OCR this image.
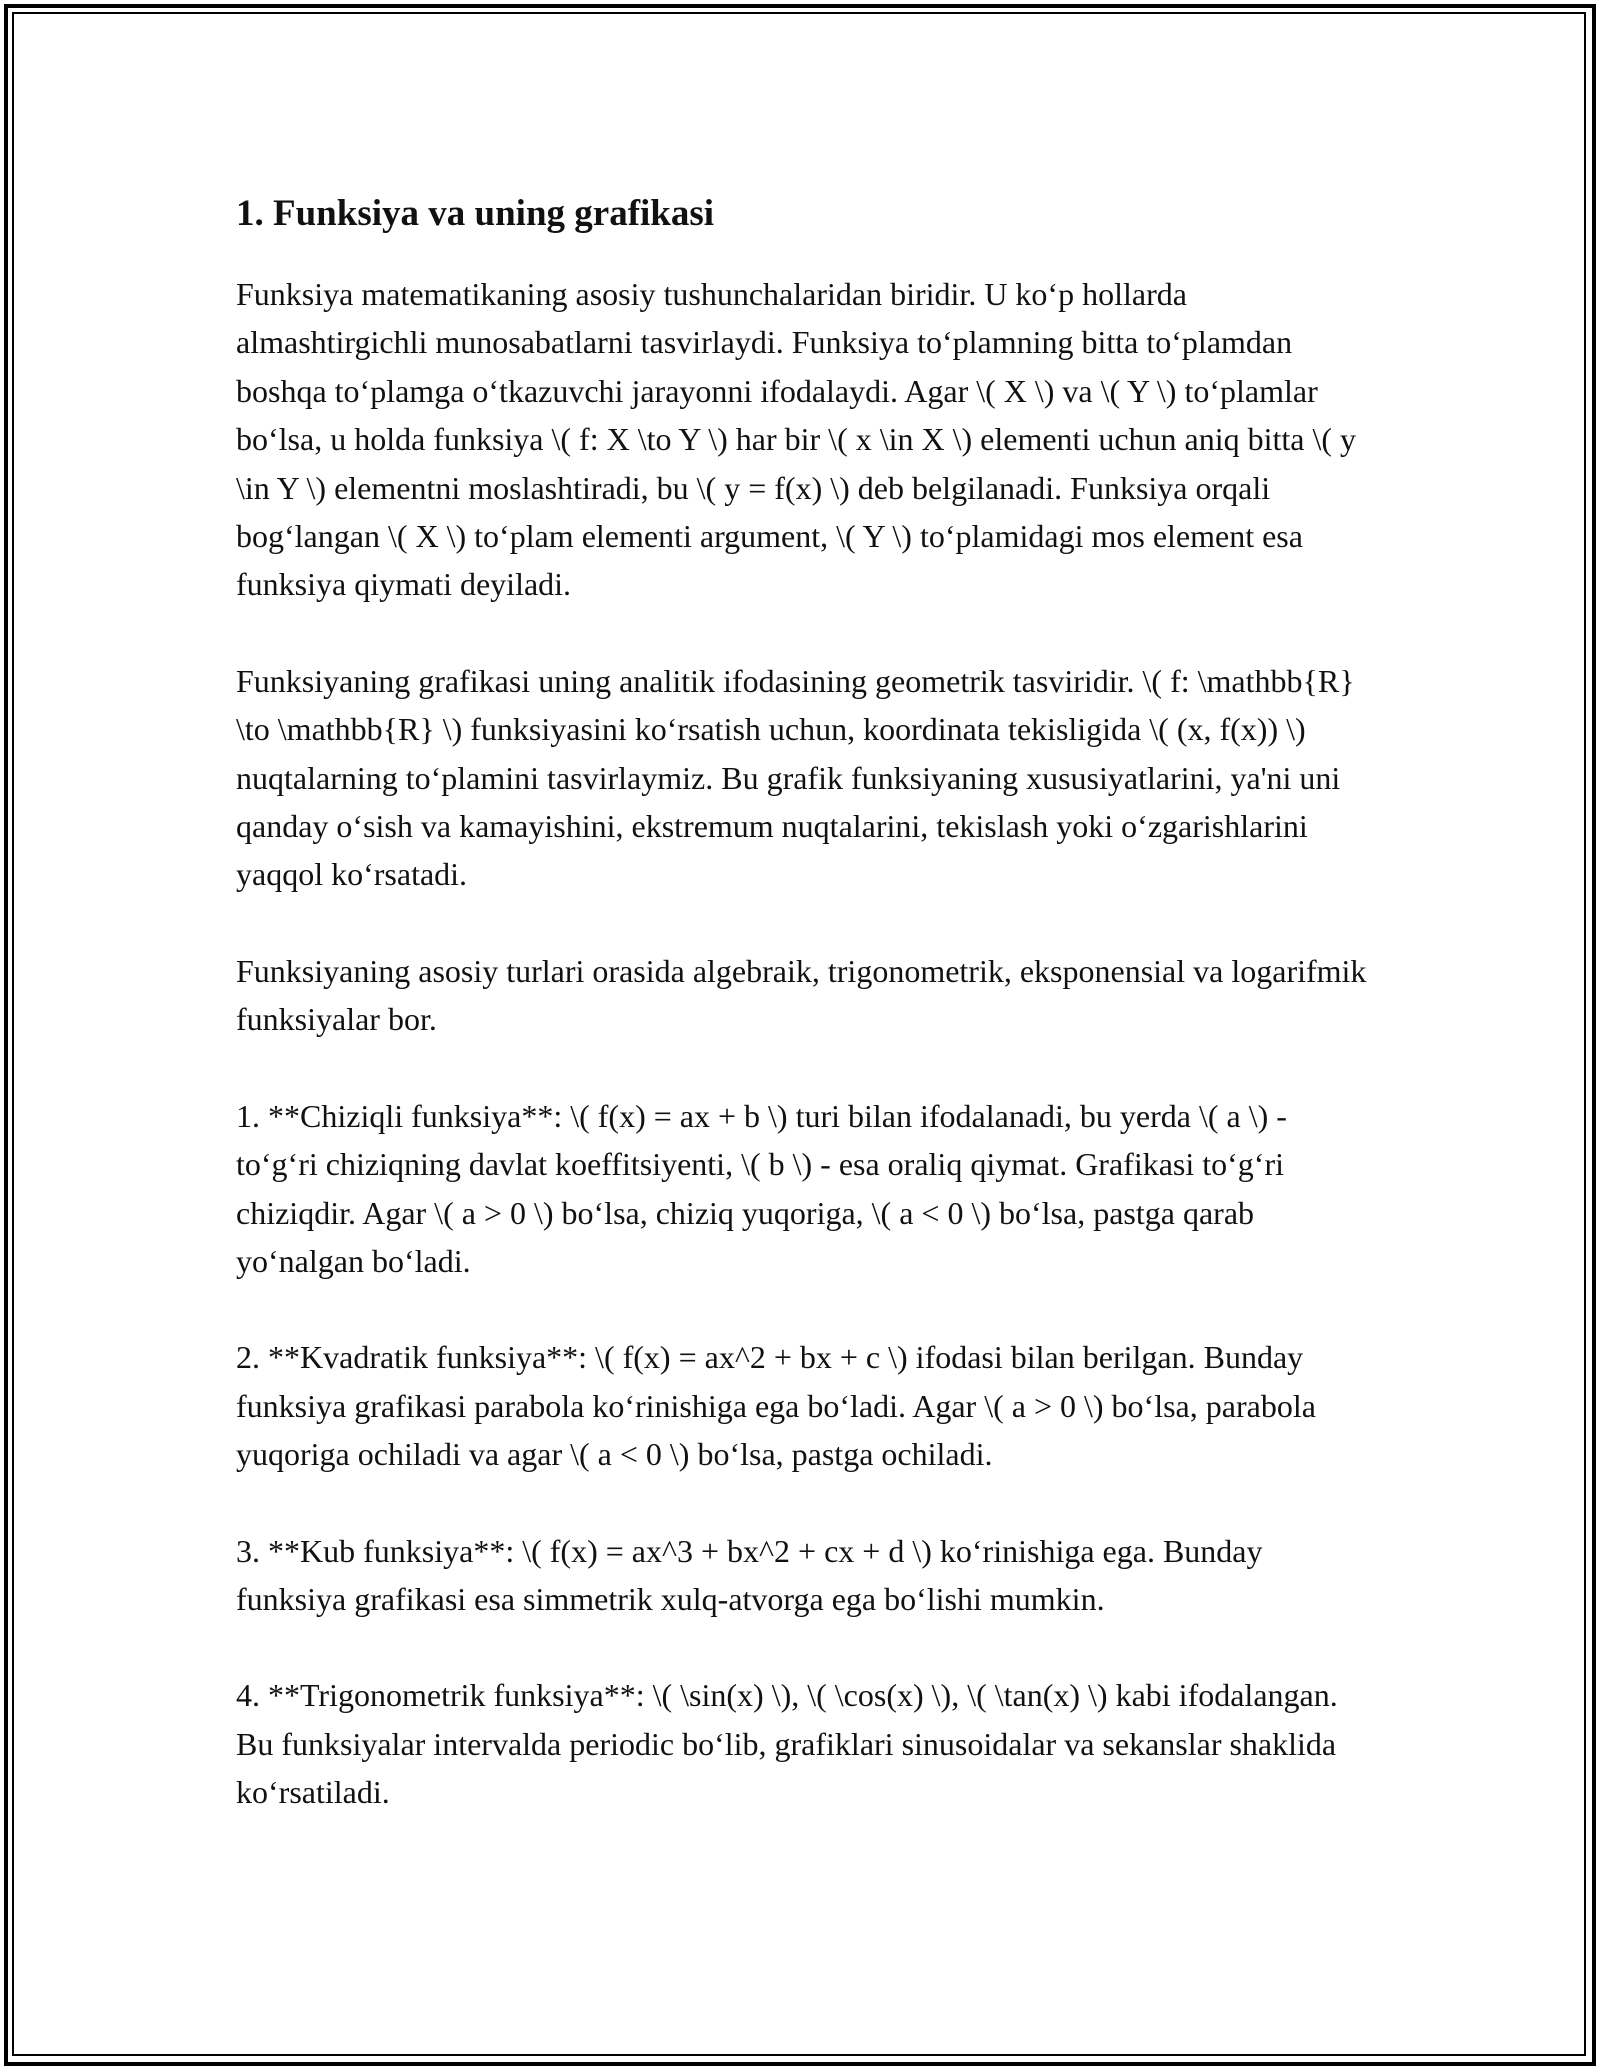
1. Funksiya va uning grafikasi

Funksiya matematikaning asosiy tushunchalaridan biridir. U ko‘p hollarda almashtirgichli munosabatlarni tasvirlaydi. Funksiya to‘plamning bitta to‘plamdan boshqa to‘plamga o‘tkazuvchi jarayonni ifodalaydi. Agar \( X \) va \( Y \) to‘plamlar bo‘lsa, u holda funksiya \( f: X \to Y \) har bir \( x \in X \) elementi uchun aniq bitta \( y \in Y \) elementni moslashtiradi, bu \( y = f(x) \) deb belgilanadi. Funksiya orqali bog‘langan \( X \) to‘plam elementi argument, \( Y \) to‘plamidagi mos element esa funksiya qiymati deyiladi.

Funksiyaning grafikasi uning analitik ifodasining geometrik tasviridir. \( f: \mathbb{R} \to \mathbb{R} \) funksiyasini ko‘rsatish uchun, koordinata tekisligida \( (x, f(x)) \) nuqtalarning to‘plamini tasvirlaymiz. Bu grafik funksiyaning xususiyatlarini, ya'ni uni qanday o‘sish va kamayishini, ekstremum nuqtalarini, tekislash yoki o‘zgarishlarini yaqqol ko‘rsatadi.

Funksiyaning asosiy turlari orasida algebraik, trigonometrik, eksponensial va logarifmik funksiyalar bor.

1. **Chiziqli funksiya**: \( f(x) = ax + b \) turi bilan ifodalanadi, bu yerda \( a \) - to‘g‘ri chiziqning davlat koeffitsiyenti, \( b \) - esa oraliq qiymat. Grafikasi to‘g‘ri chiziqdir. Agar \( a > 0 \) bo‘lsa, chiziq yuqoriga, \( a < 0 \) bo‘lsa, pastga qarab yo‘nalgan bo‘ladi.

2. **Kvadratik funksiya**: \( f(x) = ax^2 + bx + c \) ifodasi bilan berilgan. Bunday funksiya grafikasi parabola ko‘rinishiga ega bo‘ladi. Agar \( a > 0 \) bo‘lsa, parabola yuqoriga ochiladi va agar \( a < 0 \) bo‘lsa, pastga ochiladi.

3. **Kub funksiya**: \( f(x) = ax^3 + bx^2 + cx + d \) ko‘rinishiga ega. Bunday funksiya grafikasi esa simmetrik xulq-atvorga ega bo‘lishi mumkin.

4. **Trigonometrik funksiya**: \( \sin(x) \), \( \cos(x) \), \( \tan(x) \) kabi ifodalangan. Bu funksiyalar intervalda periodic bo‘lib, grafiklari sinusoidalar va sekanslar shaklida ko‘rsatiladi.
